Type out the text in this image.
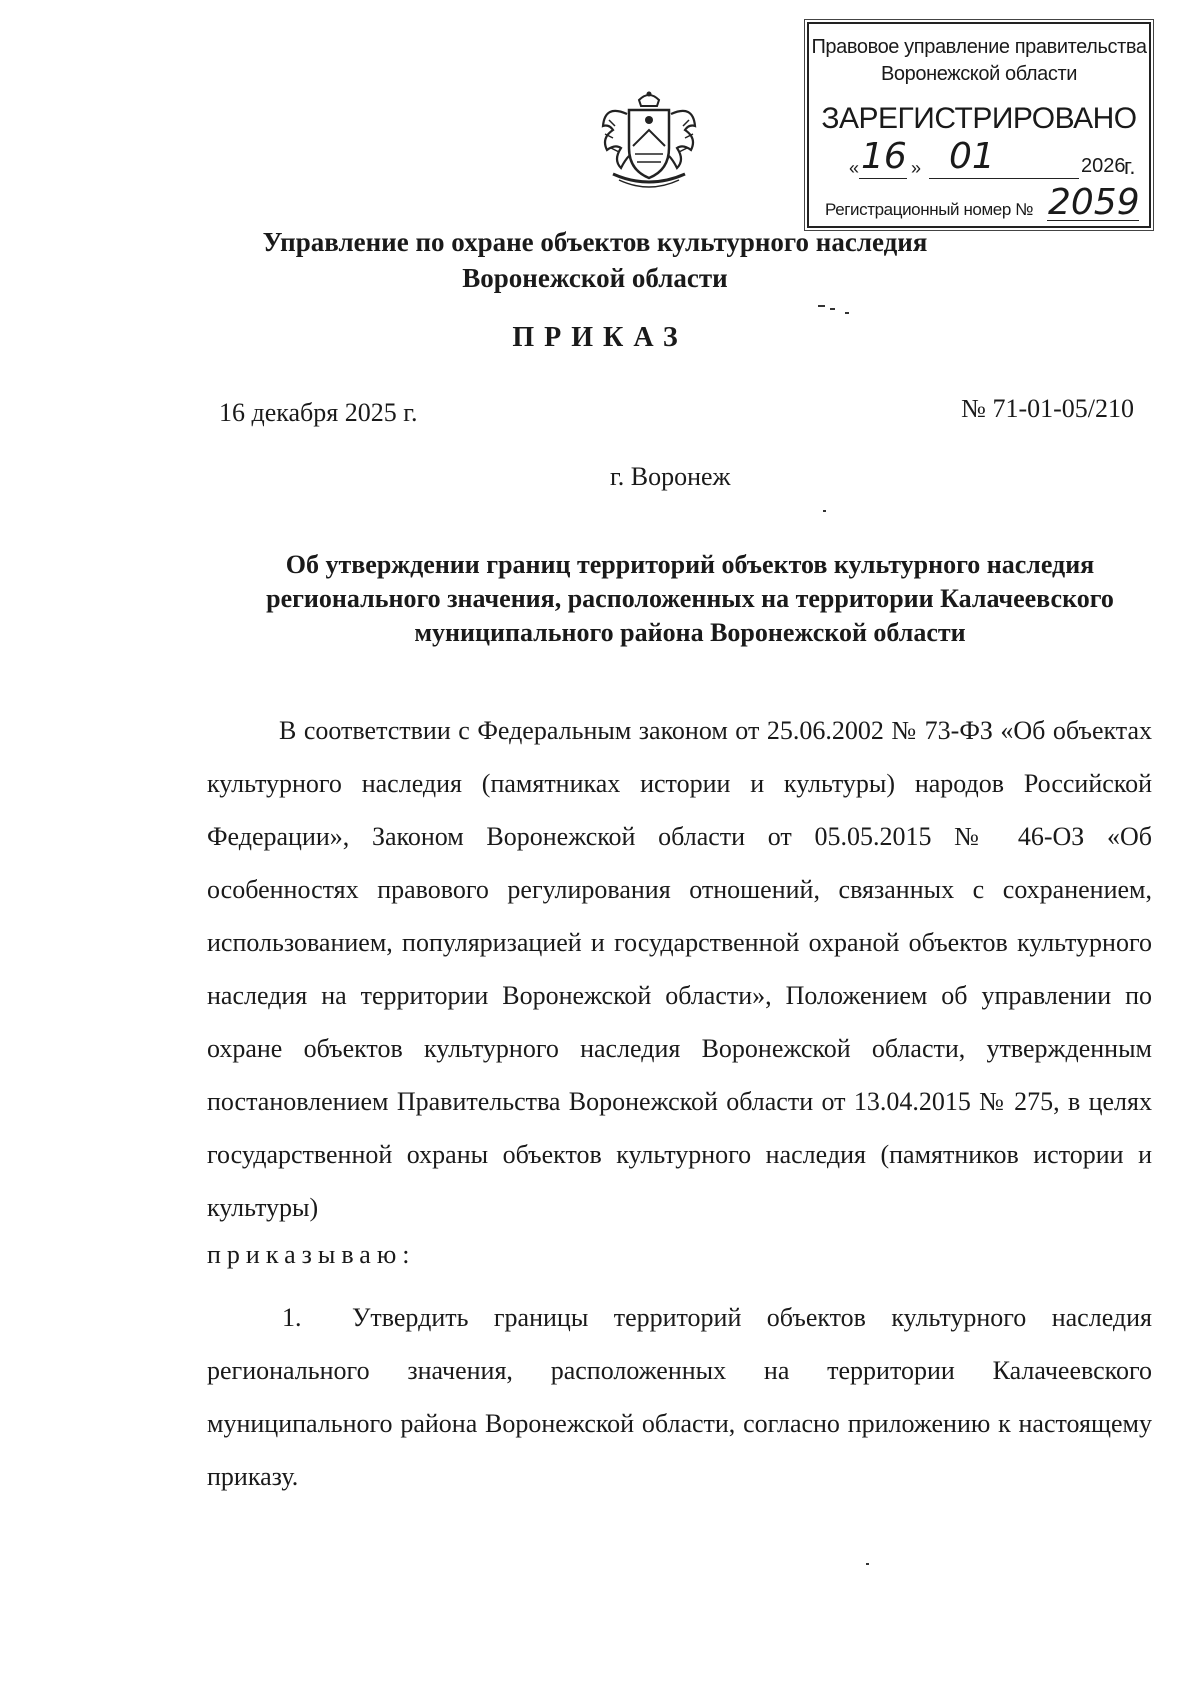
Правовое управление правительства
Воронежской области
ЗАРЕГИСТРИРОВАНО
« 16 » 01	2026
г.
Регистрационный номер № 2059
Управление по охране объектов культурного наследия
Воронежской области
ПРИКАЗ
16 декабря 2025 г.	№ 71-01-05/210
г. Воронеж
Об утверждении границ территорий объектов культурного наследия регионального значения, расположенных на территории Калачеевского муниципального района Воронежской области
В соответствии с Федеральным законом от 25.06.2002 № 73-ФЗ «Об объектах культурного наследия (памятниках истории и культуры) народов Российской Федерации», Законом Воронежской области от 05.05.2015 № 46-ОЗ «Об особенностях правового регулирования отношений, связанных с сохранением, использованием, популяризацией и государственной охраной объектов культурного наследия на территории Воронежской области», Положением об управлении по охране объектов культурного наследия Воронежской области, утвержденным постановлением Правительства Воронежской области от 13.04.2015 № 275, в целях государственной охраны объектов культурного наследия (памятников истории и культуры)
приказываю:
1. Утвердить границы территорий объектов культурного наследия регионального значения, расположенных на территории Калачеевского муниципального района Воронежской области, согласно приложению к настоящему приказу.
